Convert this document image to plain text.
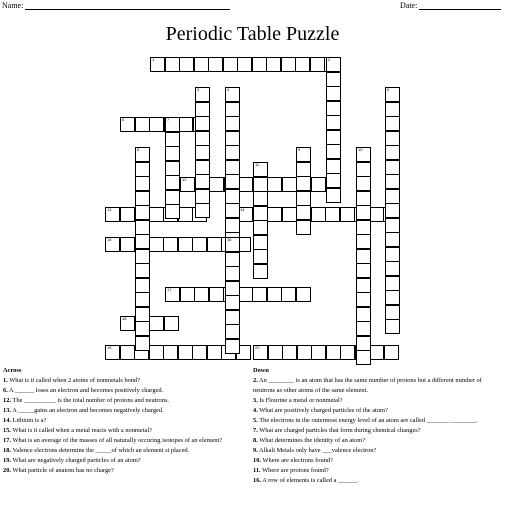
Name:	Date:
Periodic Table Puzzle
1
6
12
13	14
15
17
18
19	20
2
3	4	5
7
8	9	10
11
16
Across
1. What is it called when 2 atoms of nonmetals bond?
6. A ______ loses an electron and becomes positively charged.
12. The __________ is the total number of protons and neutrons.
13. A _____gains an electron and becomes negatively charged.
14. Lithium is a?
15. What is it called when a metal reacts with a nonmetal?
17. What is an average of the masses of all naturally occuring isotopes of an element?
18. Valence electrons determine the _____of which an element si placed.
19. What are negatively charged particles of an atom?
20. What particle of anatom has no charge?
Down
2. An ________ is an atom that has the same number of protons but a different number of neutrons as other atoms of the same element.
3. Is Flourine a metal or nonmetal?
4. What are positively charged particles of the atom?
5. The electrons in the outermost energy level of an atom are called _______ ________.
7. What are charged particles that form during chemical changes?
8. What determines the identity of an atom?
9. Alkali Metals only have ___valence electron?
10. Where are electrons found?
11. Where are protons found?
16. A row of elements is called a ______.
